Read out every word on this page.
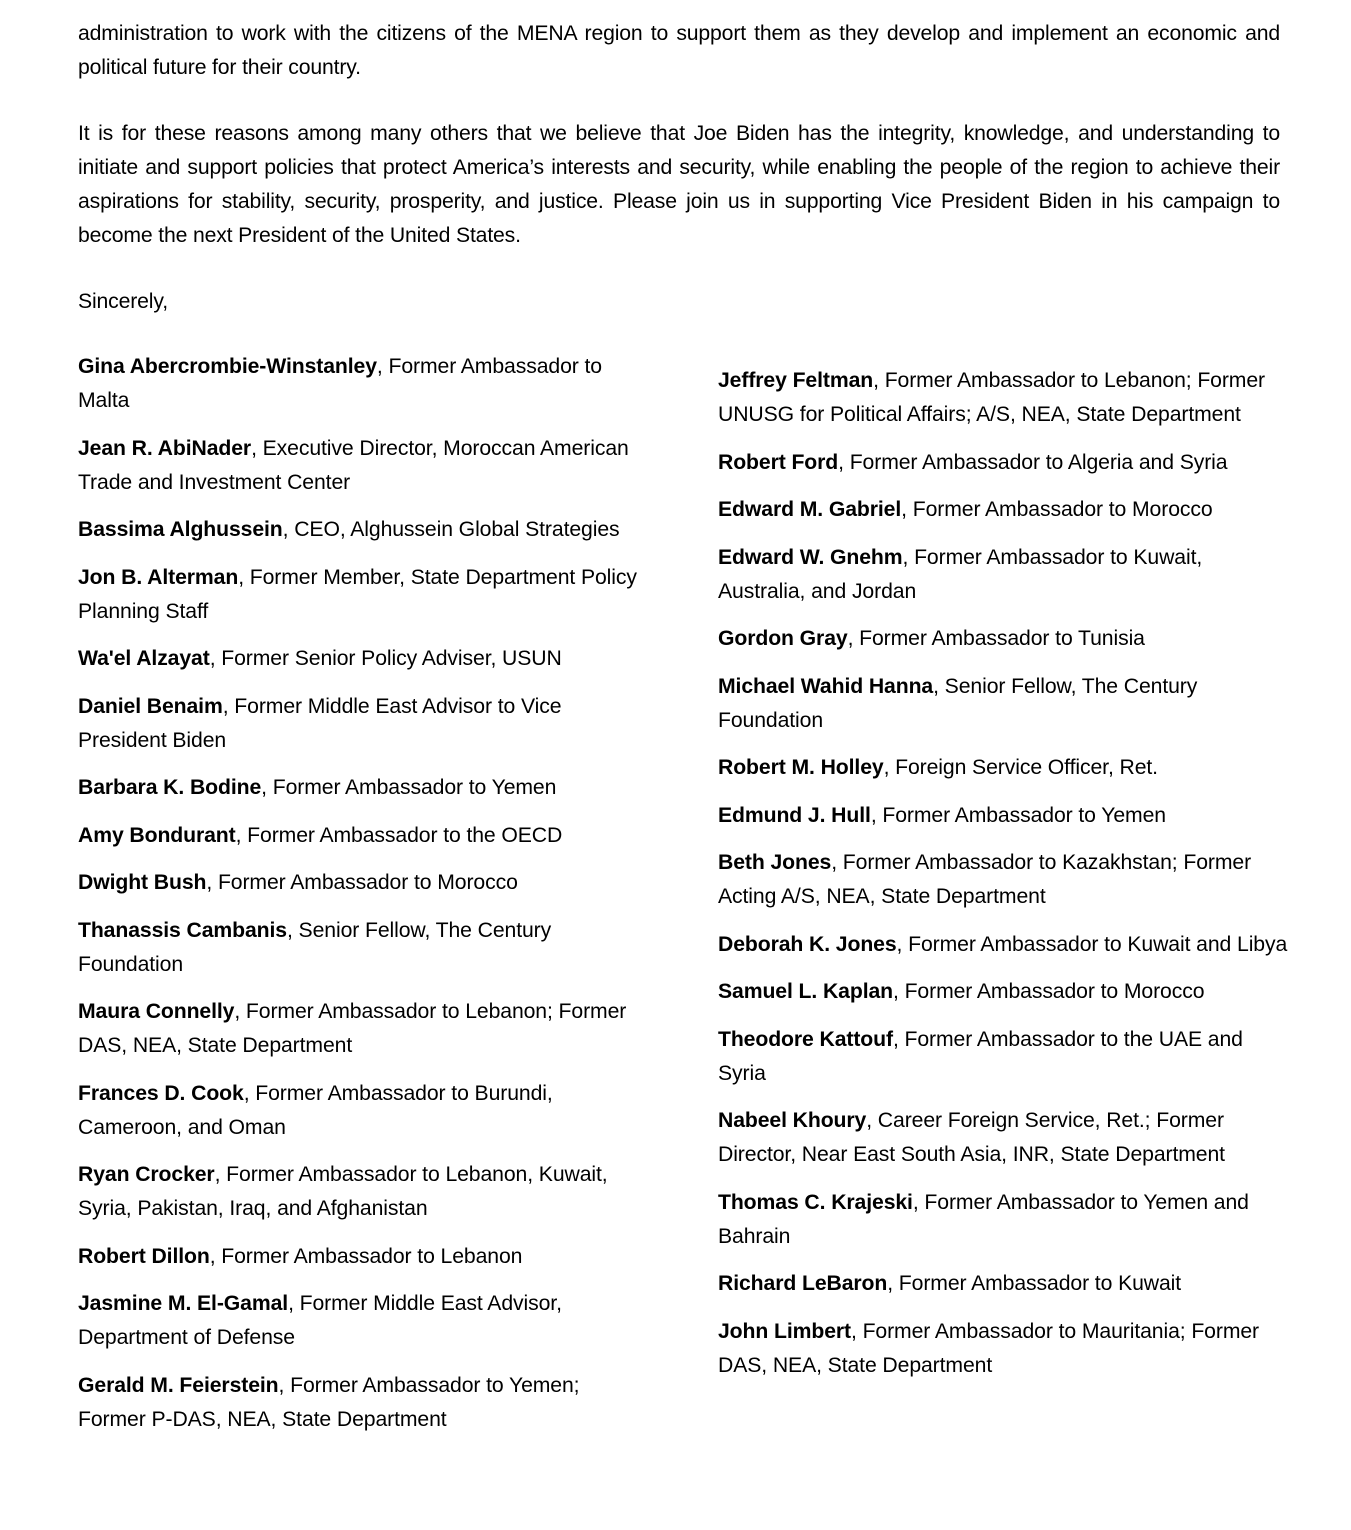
administration to work with the citizens of the MENA region to support them as they develop and implement an economic and political future for their country.
It is for these reasons among many others that we believe that Joe Biden has the integrity, knowledge, and understanding to initiate and support policies that protect America’s interests and security, while enabling the people of the region to achieve their aspirations for stability, security, prosperity, and justice. Please join us in supporting Vice President Biden in his campaign to become the next President of the United States.
Sincerely,

Gina Abercrombie-Winstanley, Former Ambassador to Malta

Jean R. AbiNader, Executive Director, Moroccan American Trade and Investment Center

Bassima Alghussein, CEO, Alghussein Global Strategies

Jon B. Alterman, Former Member, State Department Policy Planning Staff

Wa'el Alzayat, Former Senior Policy Adviser, USUN

Daniel Benaim, Former Middle East Advisor to Vice President Biden

Barbara K. Bodine, Former Ambassador to Yemen

Amy Bondurant, Former Ambassador to the OECD

Dwight Bush, Former Ambassador to Morocco

Thanassis Cambanis, Senior Fellow, The Century Foundation

Maura Connelly, Former Ambassador to Lebanon; Former DAS, NEA, State Department

Frances D. Cook, Former Ambassador to Burundi, Cameroon, and Oman

Ryan Crocker, Former Ambassador to Lebanon, Kuwait, Syria, Pakistan, Iraq, and Afghanistan

Robert Dillon, Former Ambassador to Lebanon

Jasmine M. El-Gamal, Former Middle East Advisor, Department of Defense

Gerald M. Feierstein, Former Ambassador to Yemen; Former P-DAS, NEA, State Department

Jeffrey Feltman, Former Ambassador to Lebanon; Former UNUSG for Political Affairs; A/S, NEA, State Department

Robert Ford, Former Ambassador to Algeria and Syria

Edward M. Gabriel, Former Ambassador to Morocco

Edward W. Gnehm, Former Ambassador to Kuwait, Australia, and Jordan

Gordon Gray, Former Ambassador to Tunisia

Michael Wahid Hanna, Senior Fellow, The Century Foundation

Robert M. Holley, Foreign Service Officer, Ret.

Edmund J. Hull, Former Ambassador to Yemen

Beth Jones, Former Ambassador to Kazakhstan; Former Acting A/S, NEA, State Department

Deborah K. Jones, Former Ambassador to Kuwait and Libya

Samuel L. Kaplan, Former Ambassador to Morocco

Theodore Kattouf, Former Ambassador to the UAE and Syria

Nabeel Khoury, Career Foreign Service, Ret.; Former Director, Near East South Asia, INR, State Department

Thomas C. Krajeski, Former Ambassador to Yemen and Bahrain

Richard LeBaron, Former Ambassador to Kuwait

John Limbert, Former Ambassador to Mauritania; Former DAS, NEA, State Department
